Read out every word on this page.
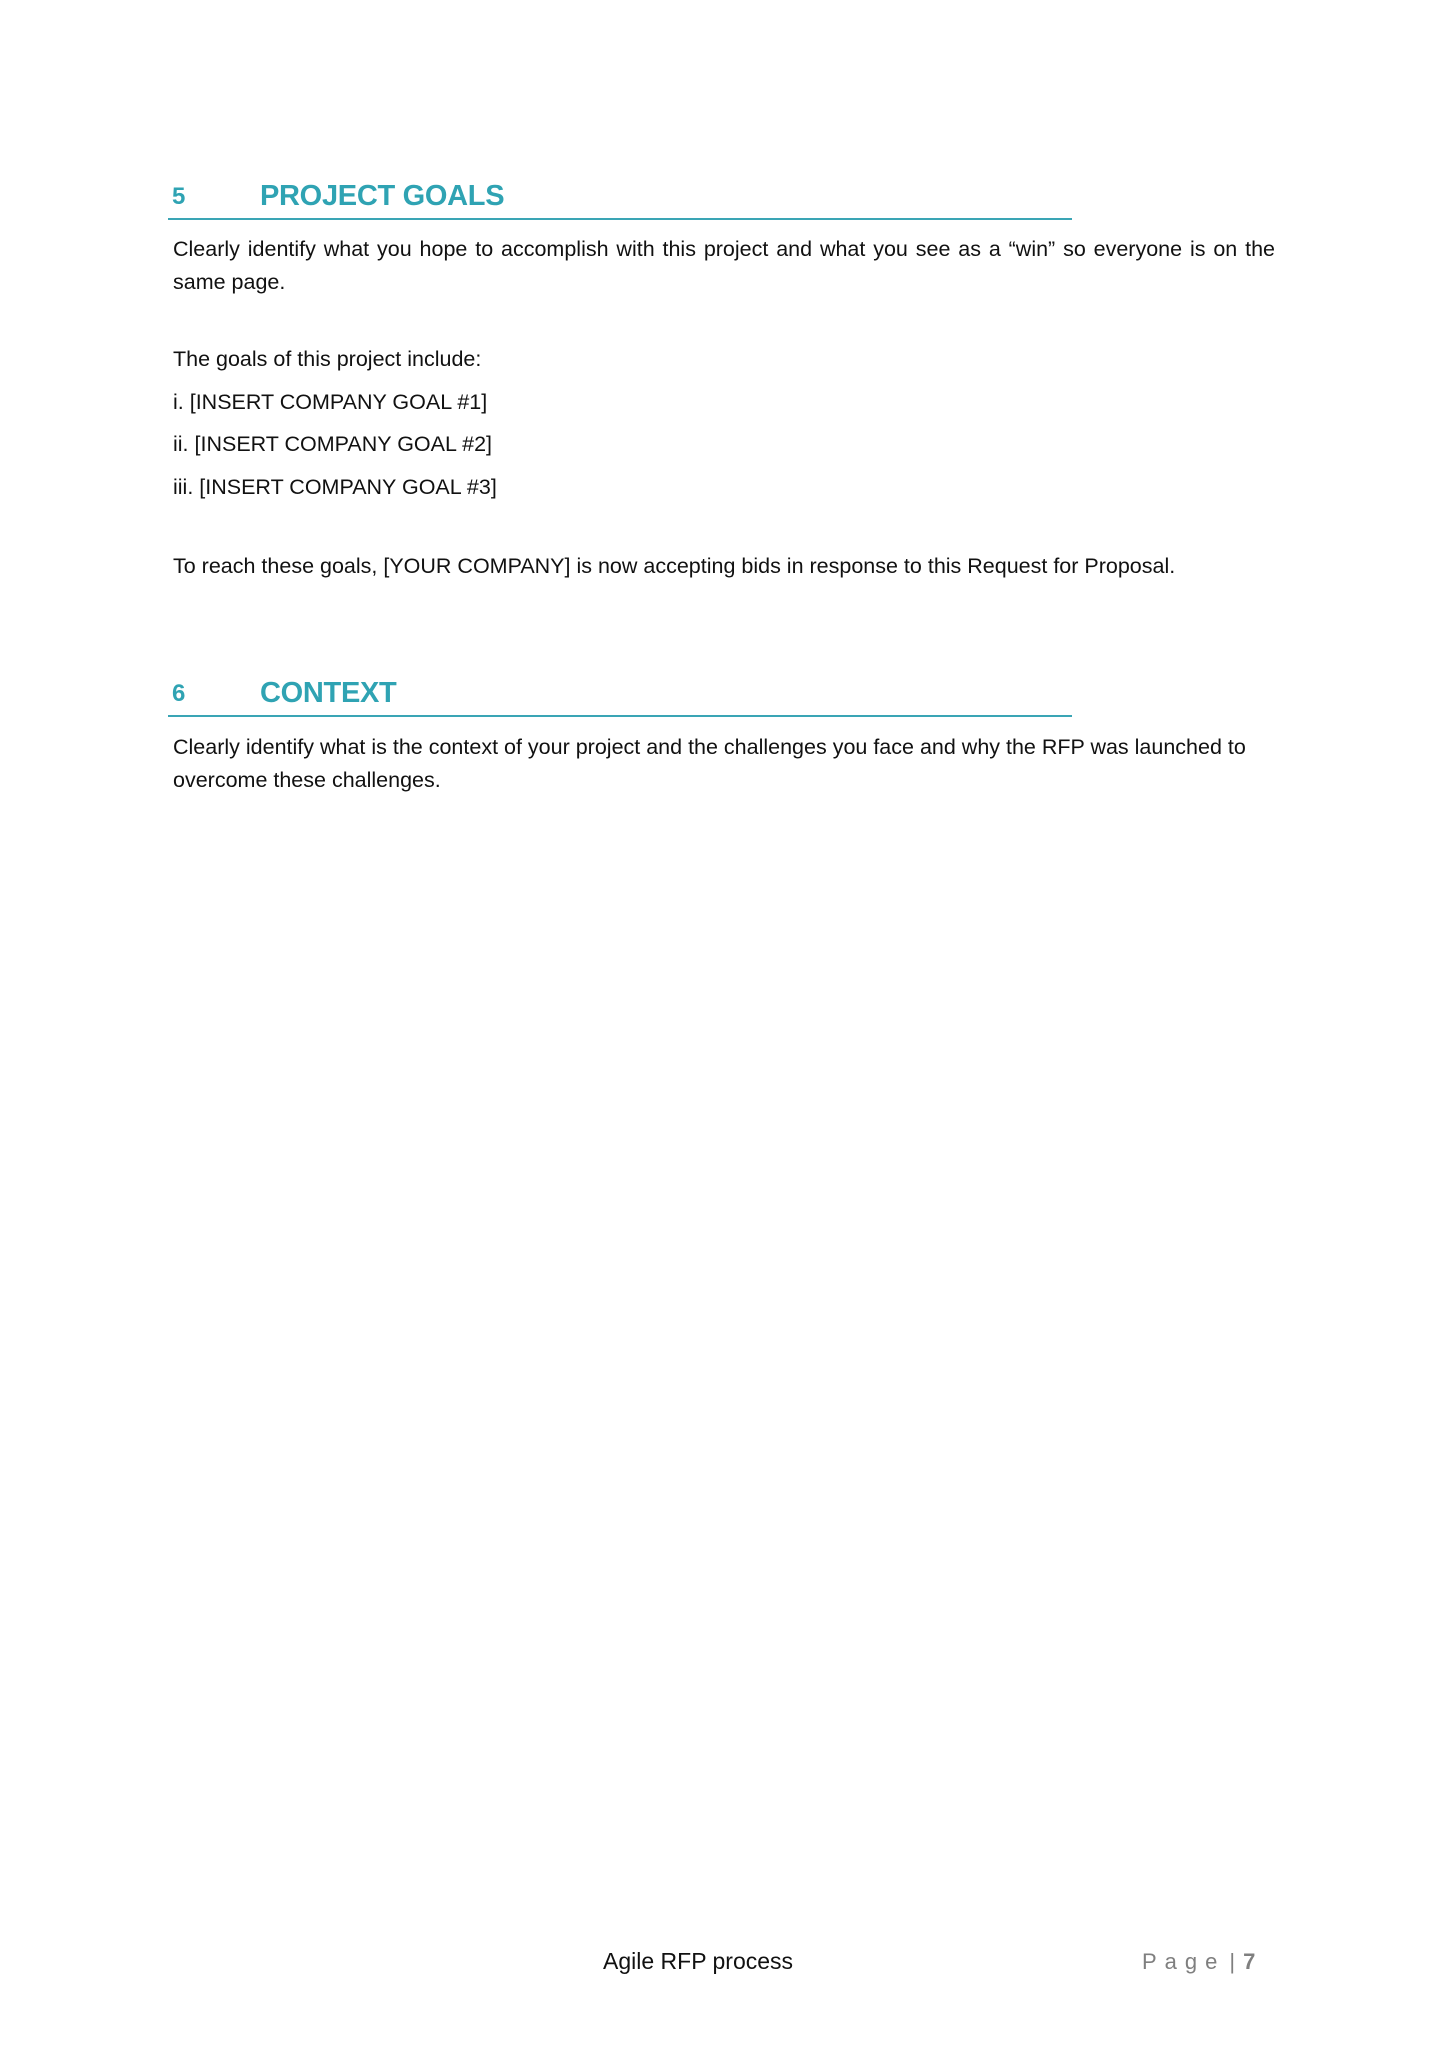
5	PROJECT GOALS

Clearly identify what you hope to accomplish with this project and what you see as a “win” so everyone is on the same page.

The goals of this project include:
i. [INSERT COMPANY GOAL #1]
ii. [INSERT COMPANY GOAL #2]
iii. [INSERT COMPANY GOAL #3]

To reach these goals, [YOUR COMPANY] is now accepting bids in response to this Request for Proposal.

6	CONTEXT

Clearly identify what is the context of your project and the challenges you face and why the RFP was launched to overcome these challenges.

Agile RFP process	Page | 7
